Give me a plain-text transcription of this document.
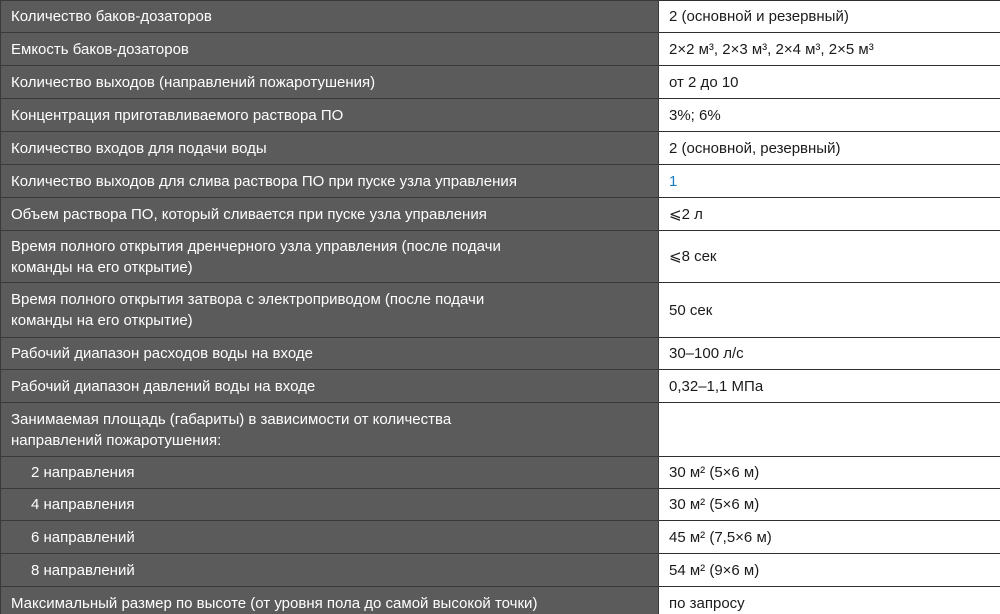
Количество баков-дозаторов	2 (основной и резервный)
Емкость баков-дозаторов	2×2 м³, 2×3 м³, 2×4 м³, 2×5 м³
Количество выходов (направлений пожаротушения)	от 2 до 10
Концентрация приготавливаемого раствора ПО	3%; 6%
Количество входов для подачи воды	2 (основной, резервный)
Количество выходов для слива раствора ПО при пуске узла управления	1
Объем раствора ПО, который сливается при пуске узла управления	⩽2 л
Время полного открытия дренчерного узла управления (после подачи
команды на его открытие)	⩽8 сек
Время полного открытия затвора с электроприводом (после подачи
команды на его открытие)	50 сек
Рабочий диапазон расходов воды на входе	30–100 л/с
Рабочий диапазон давлений воды на входе	0,32–1,1 МПа
Занимаемая площадь (габариты) в зависимости от количества
направлений пожаротушения:	
2 направления	30 м² (5×6 м)
4 направления	30 м² (5×6 м)
6 направлений	45 м² (7,5×6 м)
8 направлений	54 м² (9×6 м)
Максимальный размер по высоте (от уровня пола до самой высокой точки)	по запросу
